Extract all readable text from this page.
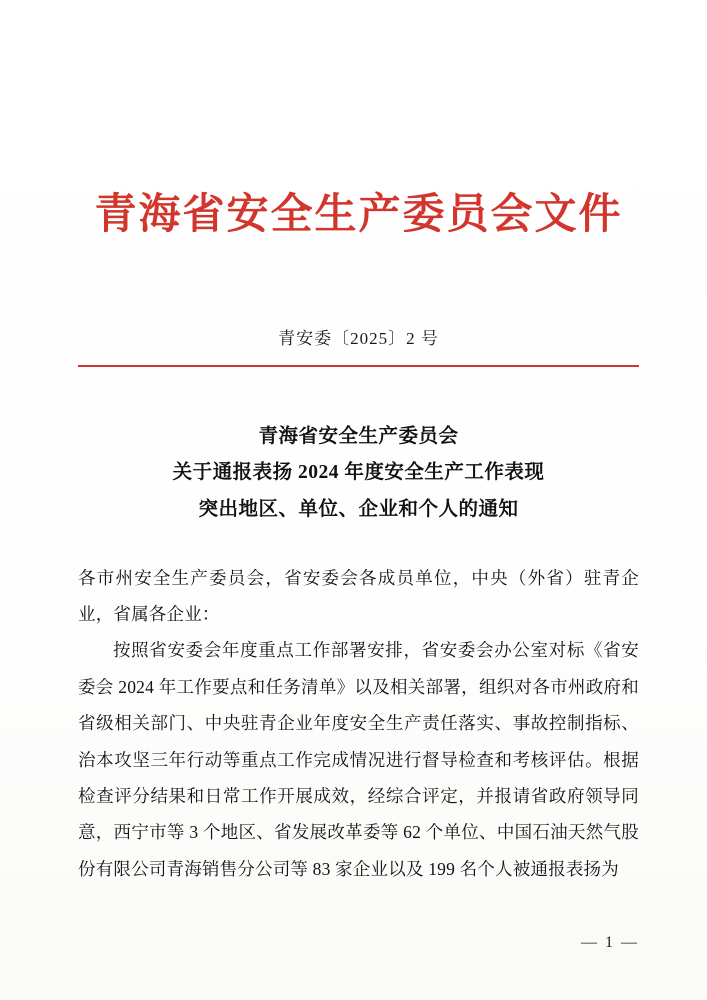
青海省安全生产委员会文件
青安委〔2025〕2 号
青海省安全生产委员会
关于通报表扬 2024 年度安全生产工作表现
突出地区、单位、企业和个人的通知

各市州安全生产委员会，省安委会各成员单位，中央（外省）驻青企业，省属各企业：

按照省安委会年度重点工作部署安排，省安委会办公室对标《省安委会 2024 年工作要点和任务清单》以及相关部署，组织对各市州政府和省级相关部门、中央驻青企业年度安全生产责任落实、事故控制指标、治本攻坚三年行动等重点工作完成情况进行督导检查和考核评估。根据检查评分结果和日常工作开展成效，经综合评定，并报请省政府领导同意，西宁市等 3 个地区、省发展改革委等 62 个单位、中国石油天然气股份有限公司青海销售分公司等 83 家企业以及 199 名个人被通报表扬为

— 1 —
